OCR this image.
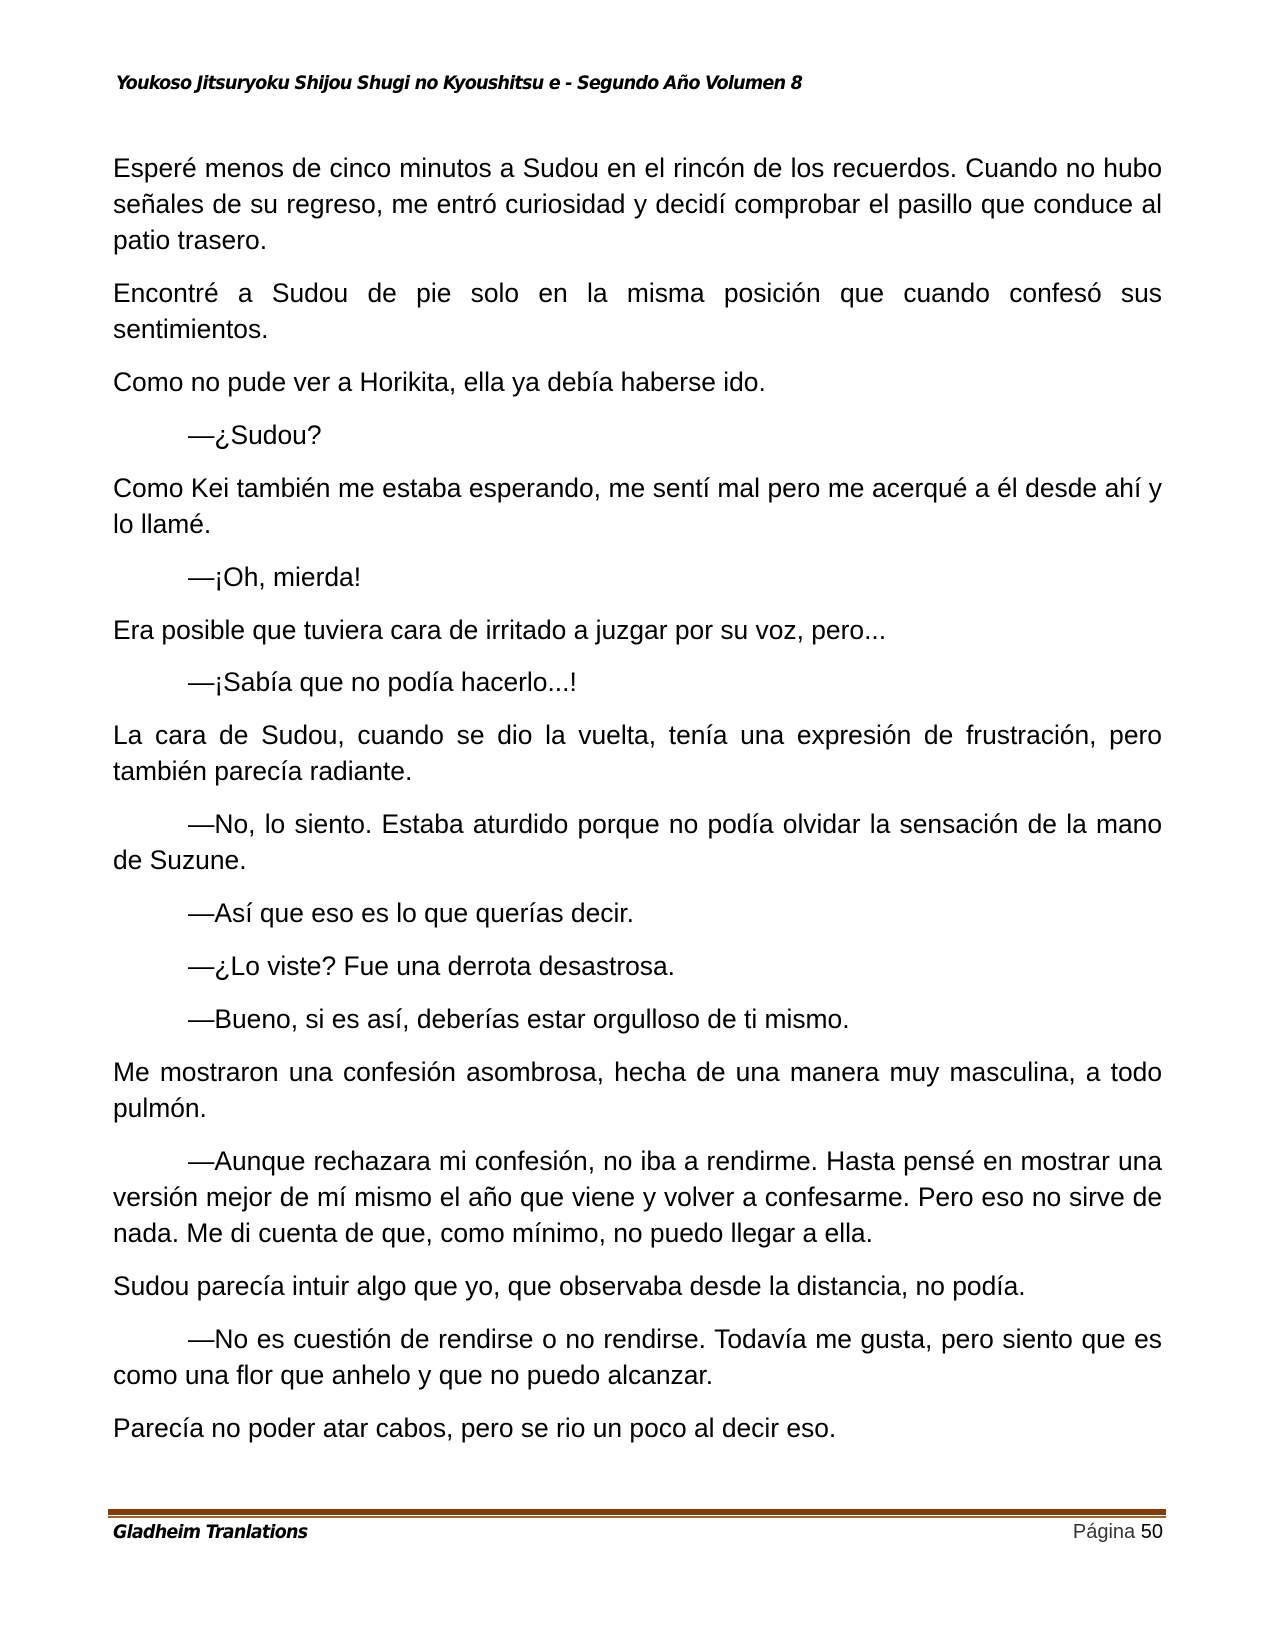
Youkoso Jitsuryoku Shijou Shugi no Kyoushitsu e - Segundo Año Volumen 8

Esperé menos de cinco minutos a Sudou en el rincón de los recuerdos. Cuando no hubo señales de su regreso, me entró curiosidad y decidí comprobar el pasillo que conduce al patio trasero.

Encontré a Sudou de pie solo en la misma posición que cuando confesó sus sentimientos.

Como no pude ver a Horikita, ella ya debía haberse ido.

—¿Sudou?

Como Kei también me estaba esperando, me sentí mal pero me acerqué a él desde ahí y lo llamé.

—¡Oh, mierda!

Era posible que tuviera cara de irritado a juzgar por su voz, pero...

—¡Sabía que no podía hacerlo...!

La cara de Sudou, cuando se dio la vuelta, tenía una expresión de frustración, pero también parecía radiante.

—No, lo siento. Estaba aturdido porque no podía olvidar la sensación de la mano de Suzune.

—Así que eso es lo que querías decir.

—¿Lo viste? Fue una derrota desastrosa.

—Bueno, si es así, deberías estar orgulloso de ti mismo.

Me mostraron una confesión asombrosa, hecha de una manera muy masculina, a todo pulmón.

—Aunque rechazara mi confesión, no iba a rendirme. Hasta pensé en mostrar una versión mejor de mí mismo el año que viene y volver a confesarme. Pero eso no sirve de nada. Me di cuenta de que, como mínimo, no puedo llegar a ella.

Sudou parecía intuir algo que yo, que observaba desde la distancia, no podía.

—No es cuestión de rendirse o no rendirse. Todavía me gusta, pero siento que es como una flor que anhelo y que no puedo alcanzar.

Parecía no poder atar cabos, pero se rio un poco al decir eso.

Gladheim Tranlations	Página 50
